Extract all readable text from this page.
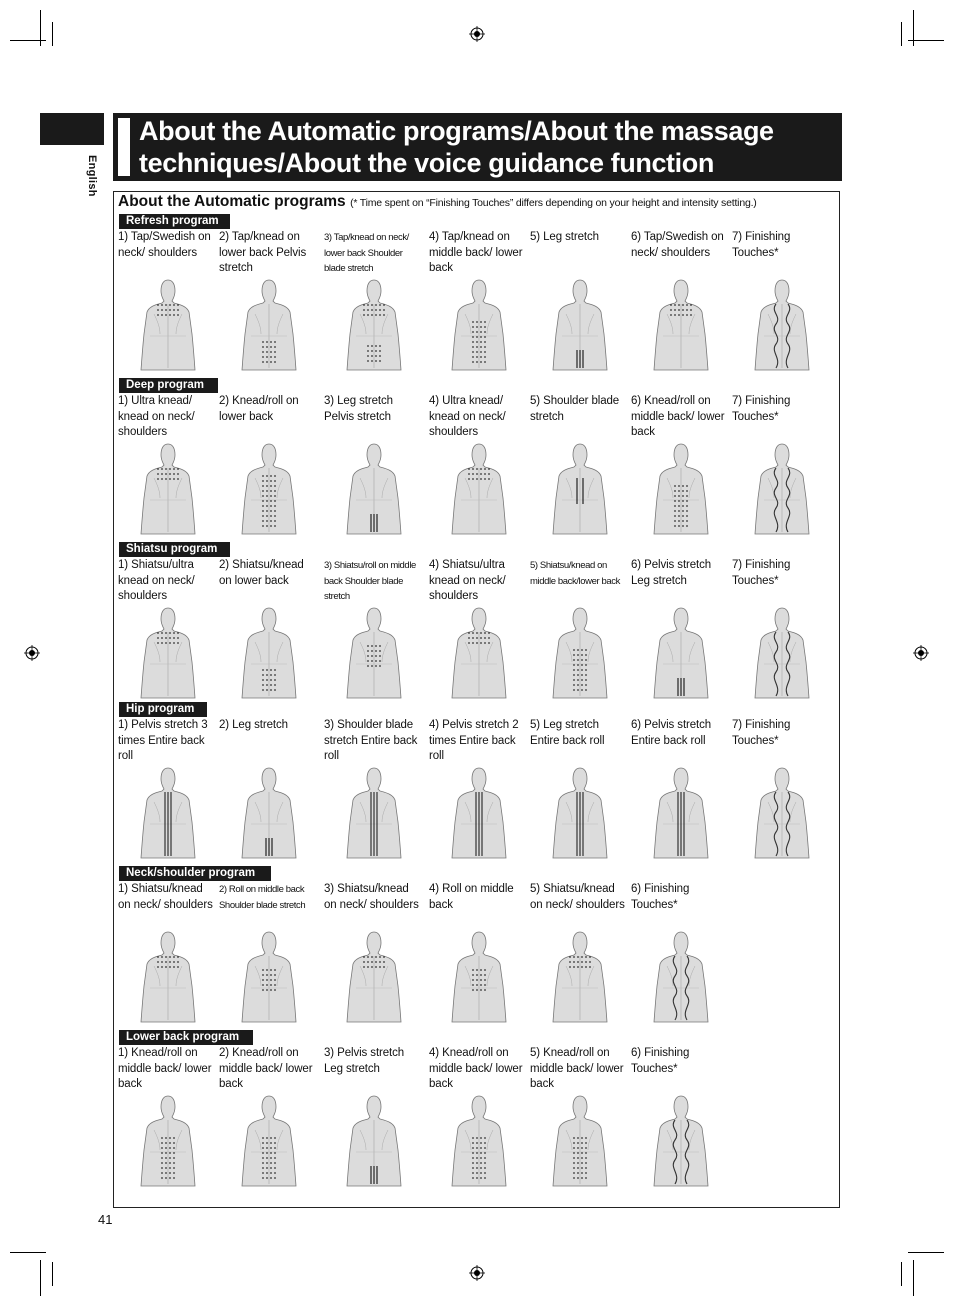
English
About the Automatic programs/About the massage techniques/About the voice guidance function
About the Automatic programs (* Time spent on “Finishing Touches” differs depending on your height and intensity setting.)
Refresh program
1) Tap/Swedish on neck/ shoulders
2) Tap/knead on lower back Pelvis stretch
3) Tap/knead on neck/ lower back Shoulder blade stretch
4) Tap/knead on middle back/ lower back
5) Leg stretch	6) Tap/Swedish on neck/ shoulders
7) Finishing Touches*
Deep program
1) Ultra knead/ knead on neck/ shoulders
2) Knead/roll on lower back
3) Leg stretch Pelvis stretch
4) Ultra knead/ knead on neck/ shoulders
5) Shoulder blade stretch
6) Knead/roll on middle back/ lower back
7) Finishing Touches*
Shiatsu program
1) Shiatsu/ultra knead on neck/ shoulders
2) Shiatsu/knead on lower back
3) Shiatsu/roll on middle back Shoulder blade stretch
4) Shiatsu/ultra knead on neck/ shoulders
5) Shiatsu/knead on middle back/lower back
6) Pelvis stretch Leg stretch
7) Finishing Touches*
Hip program
1) Pelvis stretch 3 times Entire back roll
2) Leg stretch	3) Shoulder blade stretch Entire back roll
4) Pelvis stretch 2 times Entire back roll
5) Leg stretch Entire back roll
6) Pelvis stretch Entire back roll
7) Finishing Touches*
Neck/shoulder program
1) Shiatsu/knead on neck/ shoulders
2) Roll on middle back Shoulder blade stretch
3) Shiatsu/knead on neck/ shoulders
4) Roll on middle back
5) Shiatsu/knead on neck/ shoulders
6) Finishing Touches*
Lower back program
1) Knead/roll on middle back/ lower back
2) Knead/roll on middle back/ lower back
3) Pelvis stretch Leg stretch
4) Knead/roll on middle back/ lower back
5) Knead/roll on middle back/ lower back
6) Finishing Touches*
41
